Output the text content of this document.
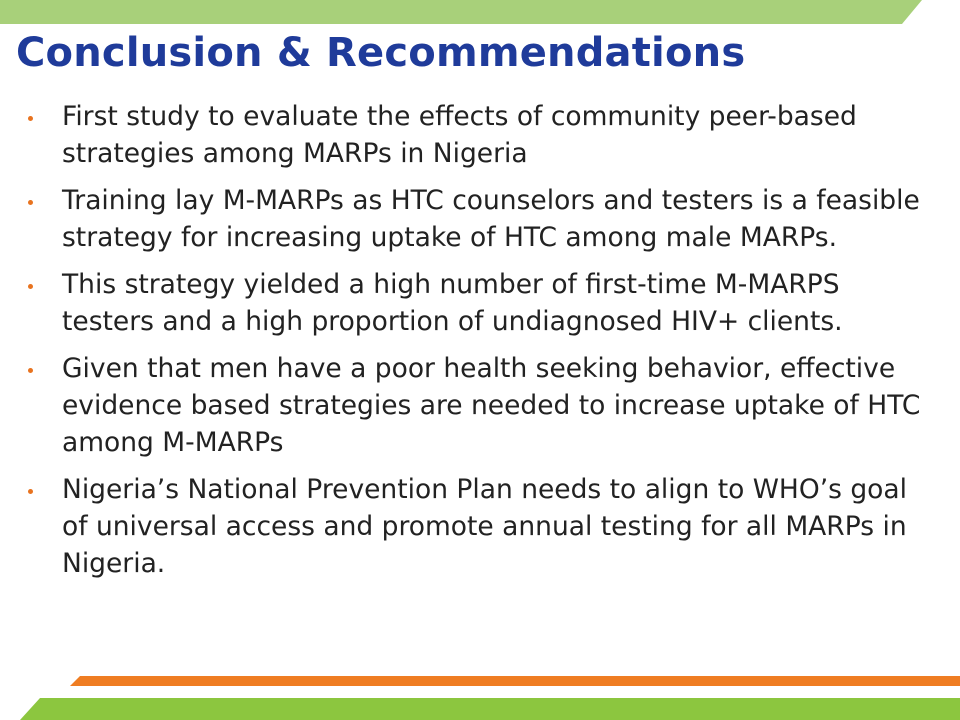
Conclusion & Recommendations
First study to evaluate the effects of community peer-based strategies among MARPs in Nigeria
Training lay M-MARPs as HTC counselors and testers is a feasible strategy for increasing uptake of HTC among male MARPs.
This strategy yielded a high number of first-time M-MARPS testers and a high proportion of undiagnosed HIV+ clients.
Given that men have a poor health seeking behavior, effective evidence based strategies are needed to increase uptake of HTC among M-MARPs
Nigeria’s National Prevention Plan needs to align to WHO’s goal of universal access and promote annual testing for all MARPs in Nigeria.
